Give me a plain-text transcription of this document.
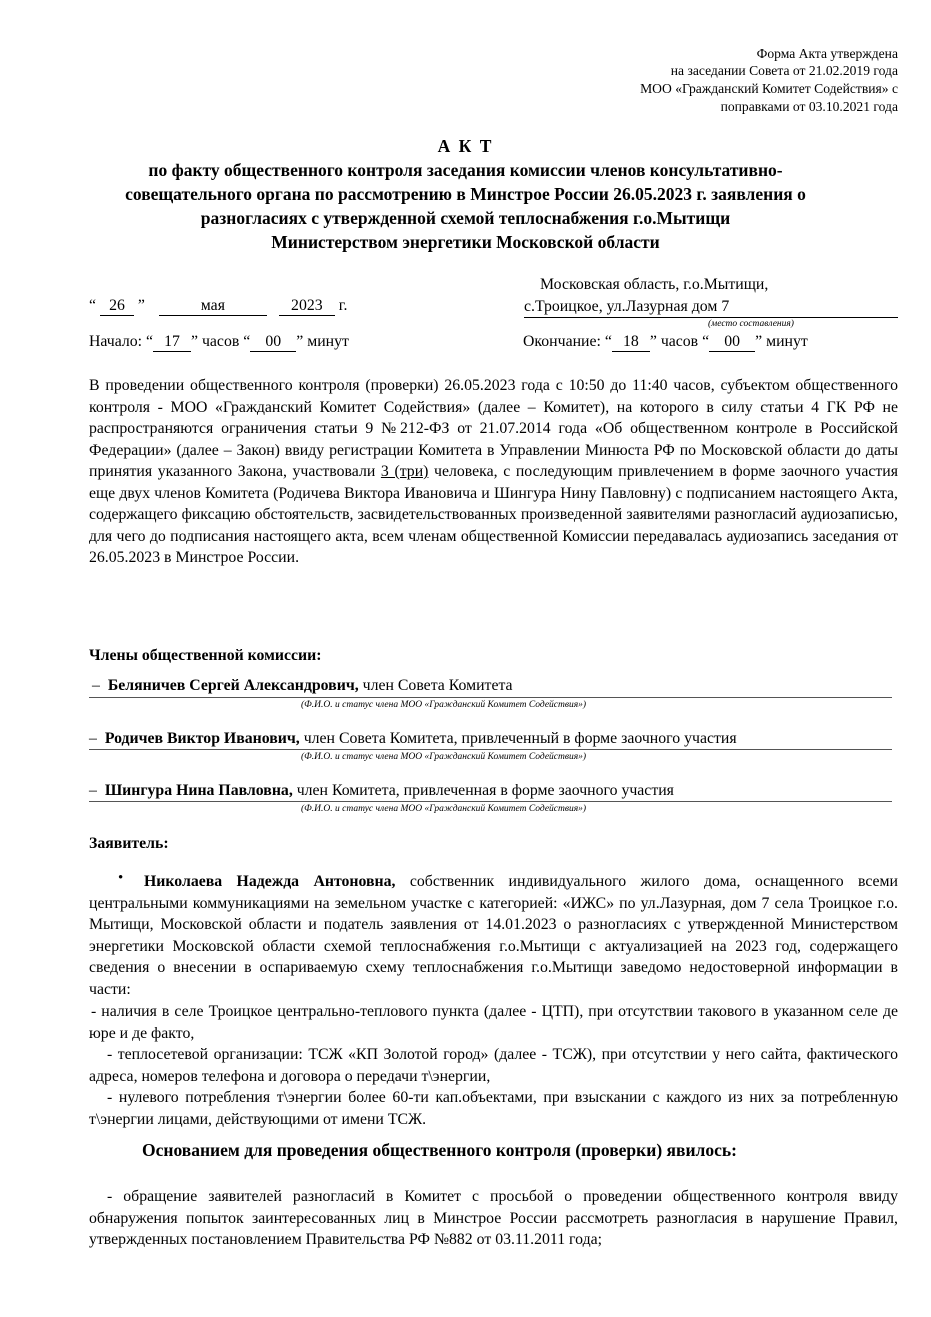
Форма Акта утверждена
на заседании Совета от 21.02.2019 года
МОО «Гражданский Комитет Содействия» с
поправками от 03.10.2021 года
А К Т
по факту общественного контроля заседания комиссии членов консультативно-
совещательного органа по рассмотрению в Минстрое России 26.05.2023 г. заявления о
разногласиях с утвержденной схемой теплоснабжения г.о.Мытищи
Министерством энергетики Московской области
Московская область, г.о.Мытищи,
с.Троицкое, ул.Лазурная дом 7
(место составления)
“ 26 ”	мая	2023 г.
Начало: “ 17 ” часов “ 00 ” минут	Окончание: “ 18 ” часов “ 00 ” минут
В проведении общественного контроля (проверки) 26.05.2023 года с 10:50 до 11:40 часов, субъектом общественного контроля - МОО «Гражданский Комитет Содействия» (далее – Комитет), на которого в силу статьи 4 ГК РФ не распространяются ограничения статьи 9 №212-ФЗ от 21.07.2014 года «Об общественном контроле в Российской Федерации» (далее – Закон) ввиду регистрации Комитета в Управлении Минюста РФ по Московской области до даты принятия указанного Закона, участвовали 3 (три) человека, с последующим привлечением в форме заочного участия еще двух членов Комитета (Родичева Виктора Ивановича и Шингура Нину Павловну) с подписанием настоящего Акта, содержащего фиксацию обстоятельств, засвидетельствованных произведенной заявителями разногласий аудиозаписью, для чего до подписания настоящего акта, всем членам общественной Комиссии передавалась аудиозапись заседания от 26.05.2023 в Минстрое России.
Члены общественной комиссии:
– Беляничев Сергей Александрович, член Совета Комитета
(Ф.И.О. и статус члена МОО «Гражданский Комитет Содействия»)
– Родичев Виктор Иванович, член Совета Комитета, привлеченный в форме заочного участия
(Ф.И.О. и статус члена МОО «Гражданский Комитет Содействия»)
– Шингура Нина Павловна, член Комитета, привлеченная в форме заочного участия
(Ф.И.О. и статус члена МОО «Гражданский Комитет Содействия»)
Заявитель:
•	Николаева Надежда Антоновна, собственник индивидуального жилого дома, оснащенного всеми центральными коммуникациями на земельном участке с категорией: «ИЖС» по ул.Лазурная, дом 7 села Троицкое г.о. Мытищи, Московской области и податель заявления от 14.01.2023 о разногласиях с утвержденной Министерством энергетики Московской области схемой теплоснабжения г.о.Мытищи с актуализацией на 2023 год, содержащего сведения о внесении в оспариваемую схему теплоснабжения г.о.Мытищи заведомо недостоверной информации в части:
- наличия в селе Троицкое центрально-теплового пункта (далее - ЦТП), при отсутствии такового в указанном селе де юре и де факто,
- теплосетевой организации: ТСЖ «КП Золотой город» (далее - ТСЖ), при отсутствии у него сайта, фактического адреса, номеров телефона и договора о передачи т\энергии,
- нулевого потребления т\энергии более 60-ти кап.объектами, при взыскании с каждого из них за потребленную т\энергии лицами, действующими от имени ТСЖ.
Основанием для проведения общественного контроля (проверки) явилось:
- обращение заявителей разногласий в Комитет с просьбой о проведении общественного контроля ввиду обнаружения попыток заинтересованных лиц в Минстрое России рассмотреть разногласия в нарушение Правил, утвержденных постановлением Правительства РФ №882 от 03.11.2011 года;
